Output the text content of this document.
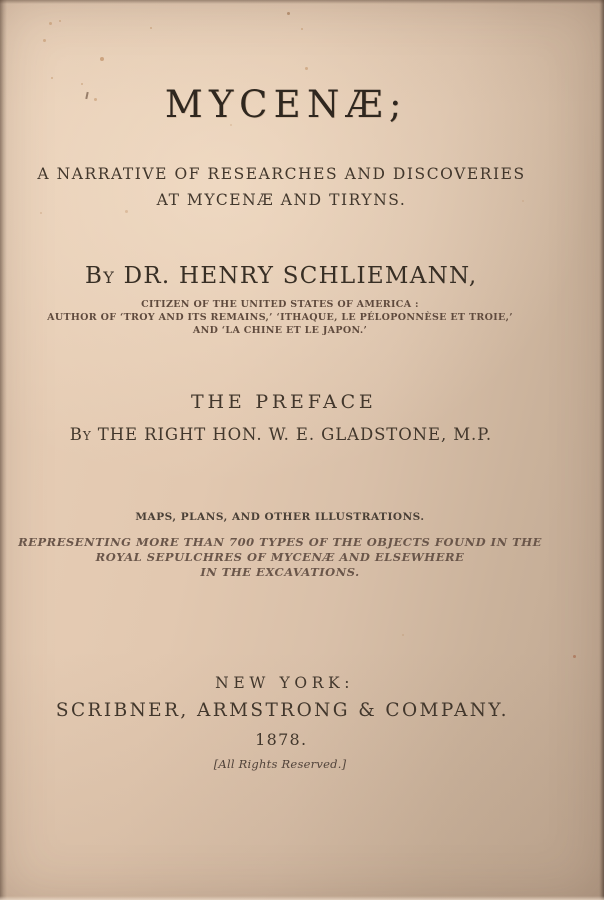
MYCENÆ;
A NARRATIVE OF RESEARCHES AND DISCOVERIES
AT MYCENÆ AND TIRYNS.
By DR. HENRY SCHLIEMANN,
CITIZEN OF THE UNITED STATES OF AMERICA :
AUTHOR OF ‘TROY AND ITS REMAINS,’ ‘ITHAQUE, LE PÉLOPONNÈSE ET TROIE,’
AND ‘LA CHINE ET LE JAPON.’
THE PREFACE
By THE RIGHT HON. W. E. GLADSTONE, M.P.
MAPS, PLANS, AND OTHER ILLUSTRATIONS.
REPRESENTING MORE THAN 700 TYPES OF THE OBJECTS FOUND IN THE
ROYAL SEPULCHRES OF MYCENÆ AND ELSEWHERE
IN THE EXCAVATIONS.
NEW YORK:
SCRIBNER, ARMSTRONG & COMPANY.
1878.
[All Rights Reserved.]
